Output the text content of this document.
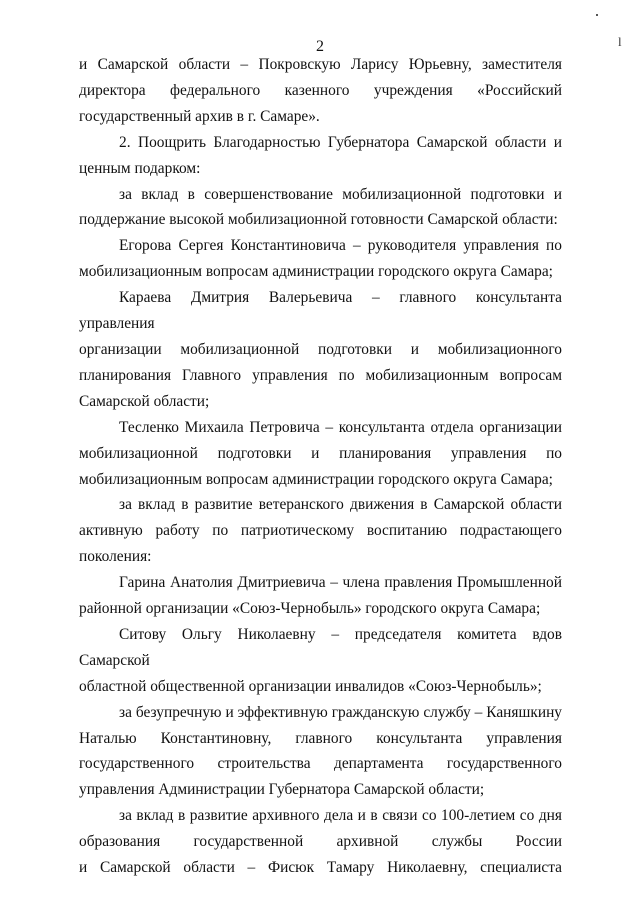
l
2

и Самарской области – Покровскую Ларису Юрьевну, заместителя

директора федерального казенного учреждения «Российский

государственный архив в г. Самаре».

2. Поощрить Благодарностью Губернатора Самарской области и

ценным подарком:

за вклад в совершенствование мобилизационной подготовки и

поддержание высокой мобилизационной готовности Самарской области:

Егорова Сергея Константиновича – руководителя управления по

мобилизационным вопросам администрации городского округа Самара;

Караева Дмитрия Валерьевича – главного консультанта управления

организации мобилизационной подготовки и мобилизационного

планирования Главного управления по мобилизационным вопросам

Самарской области;

Тесленко Михаила Петровича – консультанта отдела организации

мобилизационной подготовки и планирования управления по

мобилизационным вопросам администрации городского округа Самара;

за вклад в развитие ветеранского движения в Самарской области

активную работу по патриотическому воспитанию подрастающего

поколения:

Гарина Анатолия Дмитриевича – члена правления Промышленной

районной организации «Союз-Чернобыль» городского округа Самара;

Ситову Ольгу Николаевну – председателя комитета вдов Самарской

областной общественной организации инвалидов «Союз-Чернобыль»;

за безупречную и эффективную гражданскую службу – Каняшкину

Наталью Константиновну, главного консультанта управления

государственного строительства департамента государственного

управления Администрации Губернатора Самарской области;

за вклад в развитие архивного дела и в связи со 100-летием со дня

образования государственной архивной службы России

и Самарской области – Фисюк Тамару Николаевну, специалиста
